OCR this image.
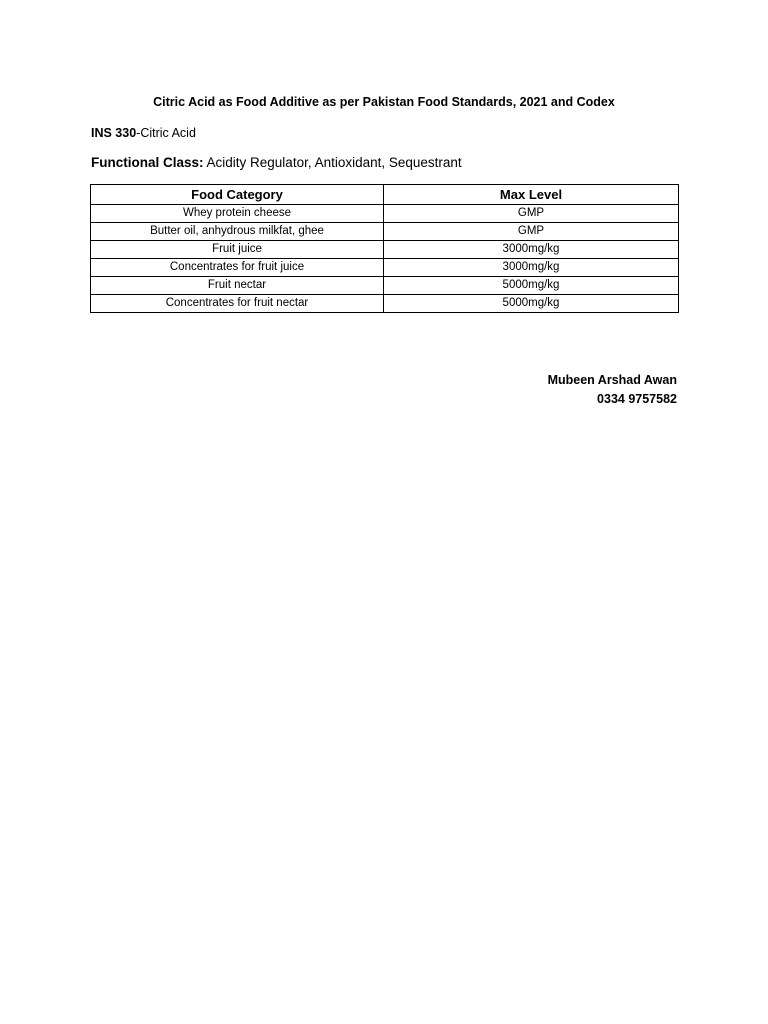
Citric Acid as Food Additive as per Pakistan Food Standards, 2021 and Codex
INS 330-Citric Acid
Functional Class: Acidity Regulator, Antioxidant, Sequestrant
Food Category	Max Level
Whey protein cheese	GMP
Butter oil, anhydrous milkfat, ghee	GMP
Fruit juice	3000mg/kg
Concentrates for fruit juice	3000mg/kg
Fruit nectar	5000mg/kg
Concentrates for fruit nectar	5000mg/kg
Mubeen Arshad Awan
0334 9757582
